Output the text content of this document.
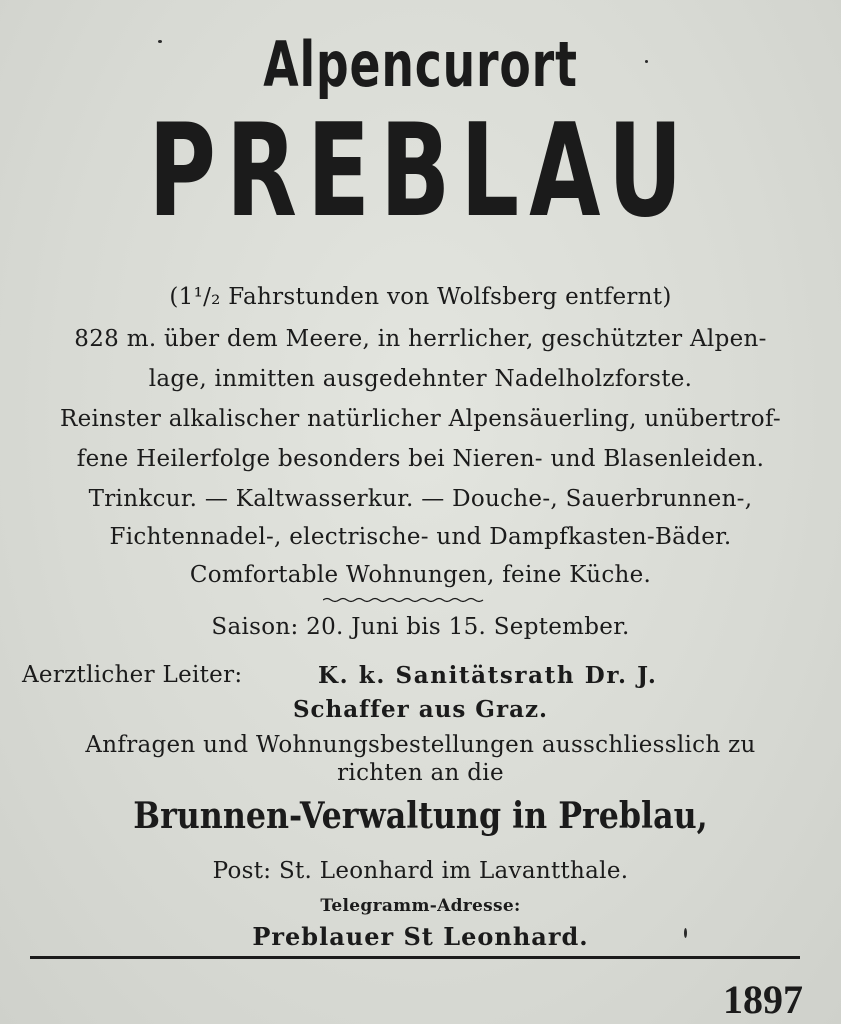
Alpencurort
PREBLAU
(1¹/₂ Fahrstunden von Wolfsberg entfernt)
828 m. über dem Meere, in herrlicher, geschützter Alpen-
lage, inmitten ausgedehnter Nadelholzforste.
Reinster alkalischer natürlicher Alpensäuerling, unübertrof-
fene Heilerfolge besonders bei Nieren- und Blasenleiden.
Trinkcur. — Kaltwasserkur. — Douche-, Sauerbrunnen-,
Fichtennadel-, electrische- und Dampfkasten-Bäder.
Comfortable Wohnungen, feine Küche.
Saison: 20. Juni bis 15. September.
Aerztlicher Leiter:	K. k. Sanitätsrath Dr. J.
Schaffer aus Graz.
Anfragen und Wohnungsbestellungen ausschliesslich zu
richten an die
Brunnen-Verwaltung in Preblau,
Post: St. Leonhard im Lavantthale.
Telegramm-Adresse:
Preblauer St Leonhard.
1897
